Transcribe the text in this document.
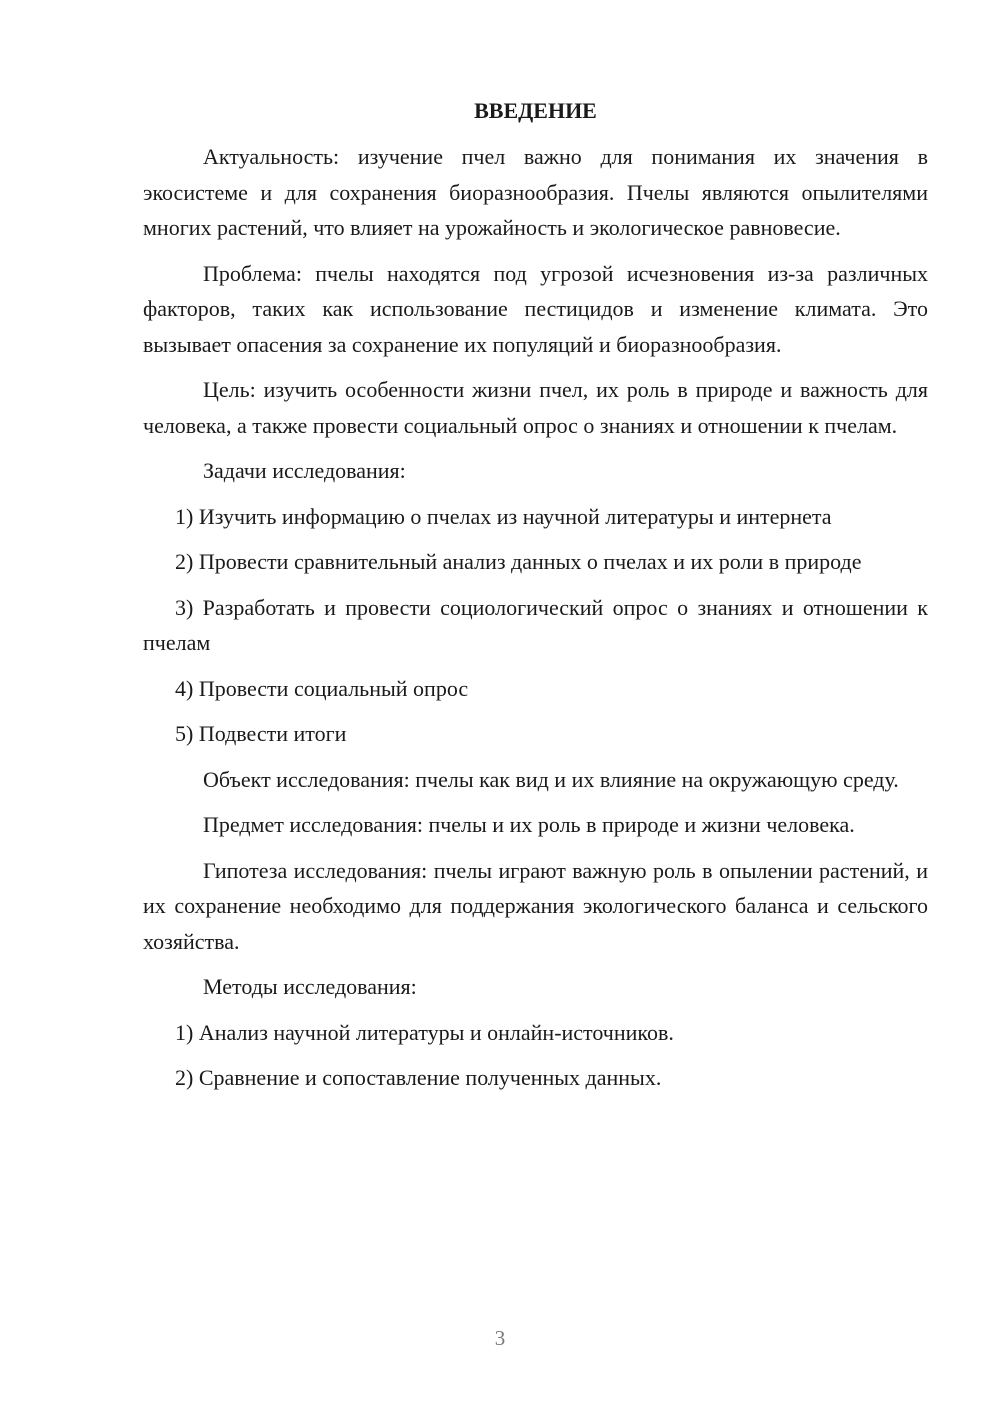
ВВЕДЕНИЕ

Актуальность: изучение пчел важно для понимания их значения в экосистеме и для сохранения биоразнообразия. Пчелы являются опылителями многих растений, что влияет на урожайность и экологическое равновесие.

Проблема: пчелы находятся под угрозой исчезновения из-за различных факторов, таких как использование пестицидов и изменение климата. Это вызывает опасения за сохранение их популяций и биоразнообразия.

Цель: изучить особенности жизни пчел, их роль в природе и важность для человека, а также провести социальный опрос о знаниях и отношении к пчелам.

Задачи исследования:

1) Изучить информацию о пчелах из научной литературы и интернета

2) Провести сравнительный анализ данных о пчелах и их роли в природе

3) Разработать и провести социологический опрос о знаниях и отношении к пчелам

4) Провести социальный опрос

5) Подвести итоги

Объект исследования: пчелы как вид и их влияние на окружающую среду.

Предмет исследования: пчелы и их роль в природе и жизни человека.

Гипотеза исследования: пчелы играют важную роль в опылении растений, и их сохранение необходимо для поддержания экологического баланса и сельского хозяйства.

Методы исследования:

1) Анализ научной литературы и онлайн-источников.

2) Сравнение и сопоставление полученных данных.

3
